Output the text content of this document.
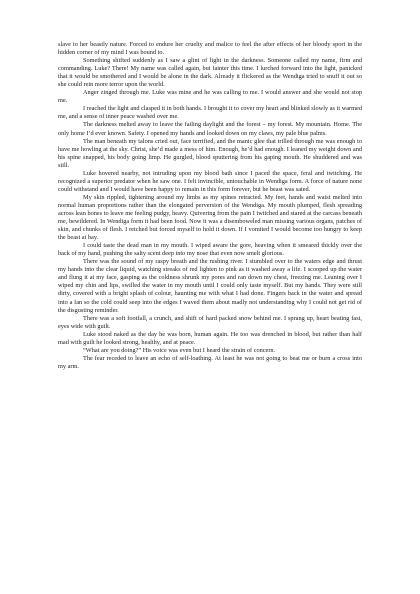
slave to her beastly nature. Forced to endure her cruelty and malice to feel the after effects of her bloody sport in the hidden corner of my mind I was bound to.

Something shifted suddenly as I saw a glint of light in the darkness. Someone called my name, firm and commanding. Luke? There! My name was called again, but fainter this time. I lurched forward into the light, panicked that it would be smothered and I would be alone in the dark. Already it flickered as the Wendiga tried to snuff it out so she could rein more terror upon the world.

Anger zinged through me. Luke was mine and he was calling to me. I would answer and she would not stop me.

I reached the light and clasped it in both hands. I brought it to cover my heart and blinked slowly as it warmed me, and a sense of inner peace washed over me.

The darkness melted away to leave the failing daylight and the forest – my forest. My mountain. Home. The only home I’d ever known. Safety. I opened my hands and looked down on my claws, my pale blue palms.

The man beneath my talons cried out, face terrified, and the manic glee that trilled through me was enough to have me howling at the sky. Christ, she’d made a mess of him. Enough, he’d had enough. I leaned my weight down and his spine snapped, his body going limp. He gurgled, blood sputtering from his gaping mouth. He shuddered and was still.

Luke hovered nearby, not intruding upon my blood bath since I paced the space, feral and twitching. He recognized a superior predator when he saw one. I felt invincible, untouchable in Wendiga form. A force of nature none could withstand and I would have been happy to remain in this form forever, but he beast was sated.

My skin rippled, tightening around my limbs as my spines retracted. My feet, hands and waist melted into normal human proportions rather than the elongated perversion of the Wendiga. My mouth plumped, flesh spreading across lean bones to leave me feeling pudgy, heavy. Quivering from the pain I twitched and stared at the carcass beneath me, bewildered. In Wendiga form it had been food. Now it was a disemboweled man missing various organs, patches of skin, and chunks of flesh. I retched but forced myself to hold it down. If I vomited I would become too hungry to keep the beast at bay.

I could taste the dead man in my mouth. I wiped aware the gore, heaving when it smeared thickly over the back of my hand, pushing the salty scent deep into my nose that even now smelt glorious.

There was the sound of my raspy breath and the rushing river. I stumbled over to the waters edge and thrust my hands into the clear liquid, watching streaks of red lighten to pink as it washed away a life. I scooped up the water and flung it at my face, gasping as the coldness shrunk my pores and ran down my chest, freezing me. Leaning over I wiped my chin and lips, swilled the water in my mouth until I could only taste myself. But my hands. They were still dirty, covered with a bright splash of colour, haunting me with what I had done. Fingers back in the water and spread into a fan so the cold could seep into the edges I waved them about madly not understanding why I could not get rid of the disgusting reminder.

There was a soft footfall, a crunch, and shift of hard packed snow behind me. I sprang up, heart beating fast, eyes wide with guilt.

Luke stood naked as the day he was born, human again. He too was drenched in blood, but rather than half mad with guilt he looked strong, healthy, and at peace.

“What are you doing?” His voice was even but I heard the strain of concern.

The fear receded to leave an echo of self-loathing. At least he was not going to beat me or burn a cross into my arm.
